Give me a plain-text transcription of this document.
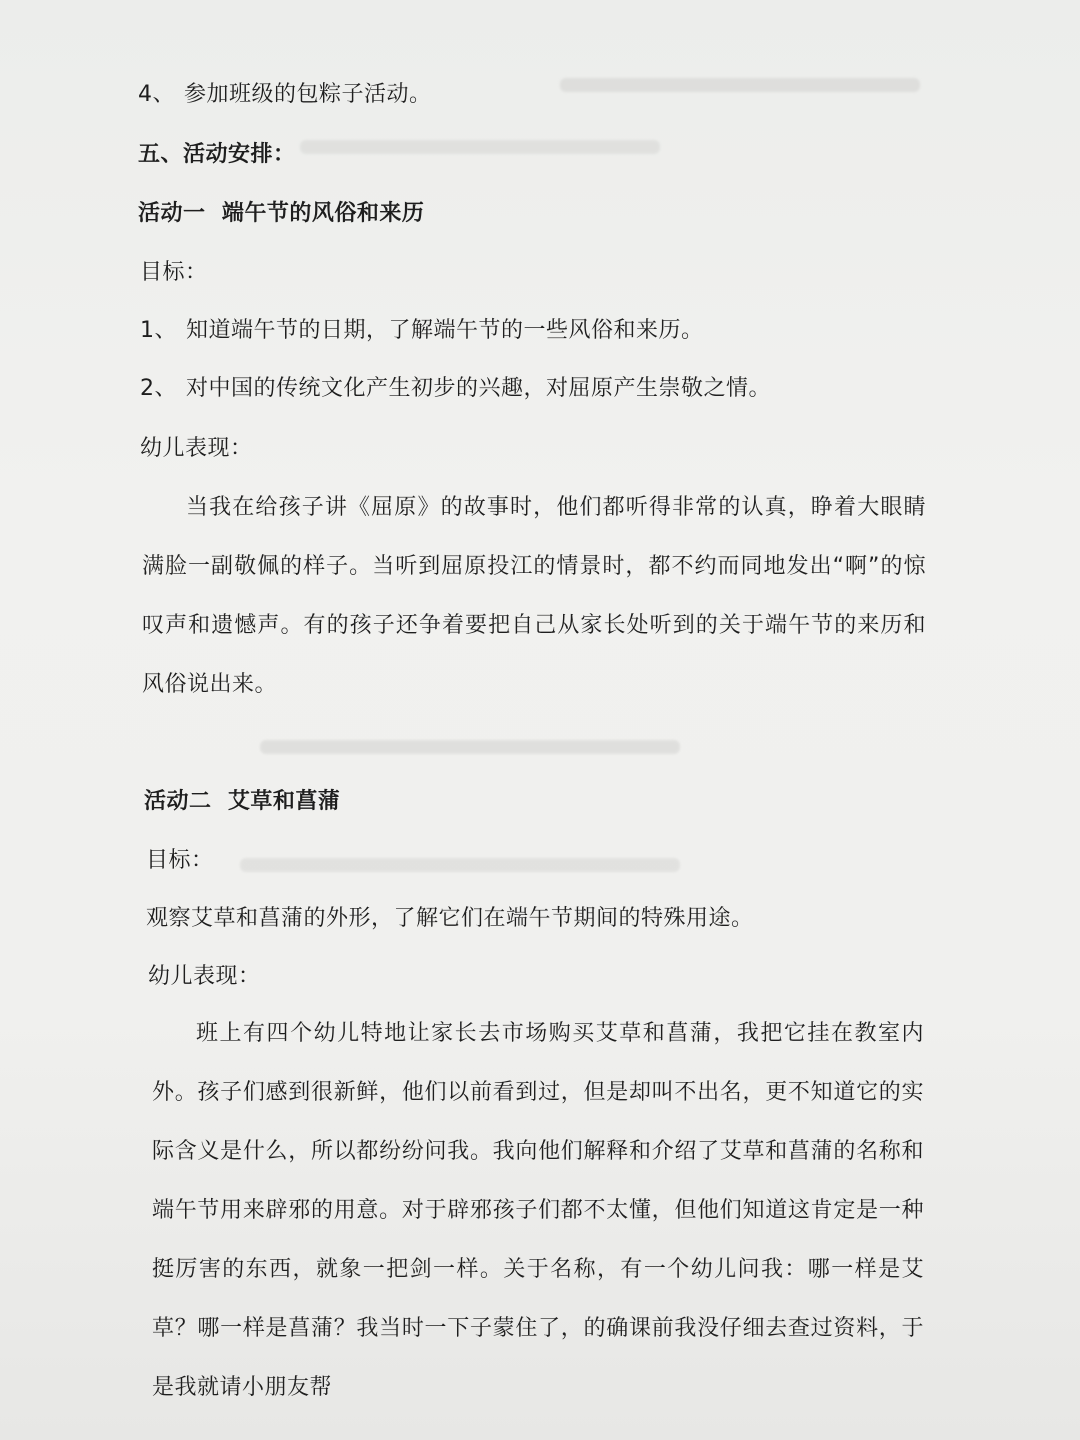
4、 参加班级的包粽子活动。
五、活动安排：
活动一  端午节的风俗和来历
目标：
1、 知道端午节的日期，了解端午节的一些风俗和来历。
2、 对中国的传统文化产生初步的兴趣，对屈原产生崇敬之情。
幼儿表现：
当我在给孩子讲《屈原》的故事时，他们都听得非常的认真，睁着大眼睛满脸一副敬佩的样子。当听到屈原投江的情景时，都不约而同地发出“啊”的惊叹声和遗憾声。有的孩子还争着要把自己从家长处听到的关于端午节的来历和风俗说出来。
活动二  艾草和菖蒲
目标：
观察艾草和菖蒲的外形，了解它们在端午节期间的特殊用途。
幼儿表现：
班上有四个幼儿特地让家长去市场购买艾草和菖蒲，我把它挂在教室内外。孩子们感到很新鲜，他们以前看到过，但是却叫不出名，更不知道它的实际含义是什么，所以都纷纷问我。我向他们解释和介绍了艾草和菖蒲的名称和端午节用来辟邪的用意。对于辟邪孩子们都不太懂，但他们知道这肯定是一种挺厉害的东西，就象一把剑一样。关于名称，有一个幼儿问我：哪一样是艾草？哪一样是菖蒲？我当时一下子蒙住了，的确课前我没仔细去查过资料，于是我就请小朋友帮
